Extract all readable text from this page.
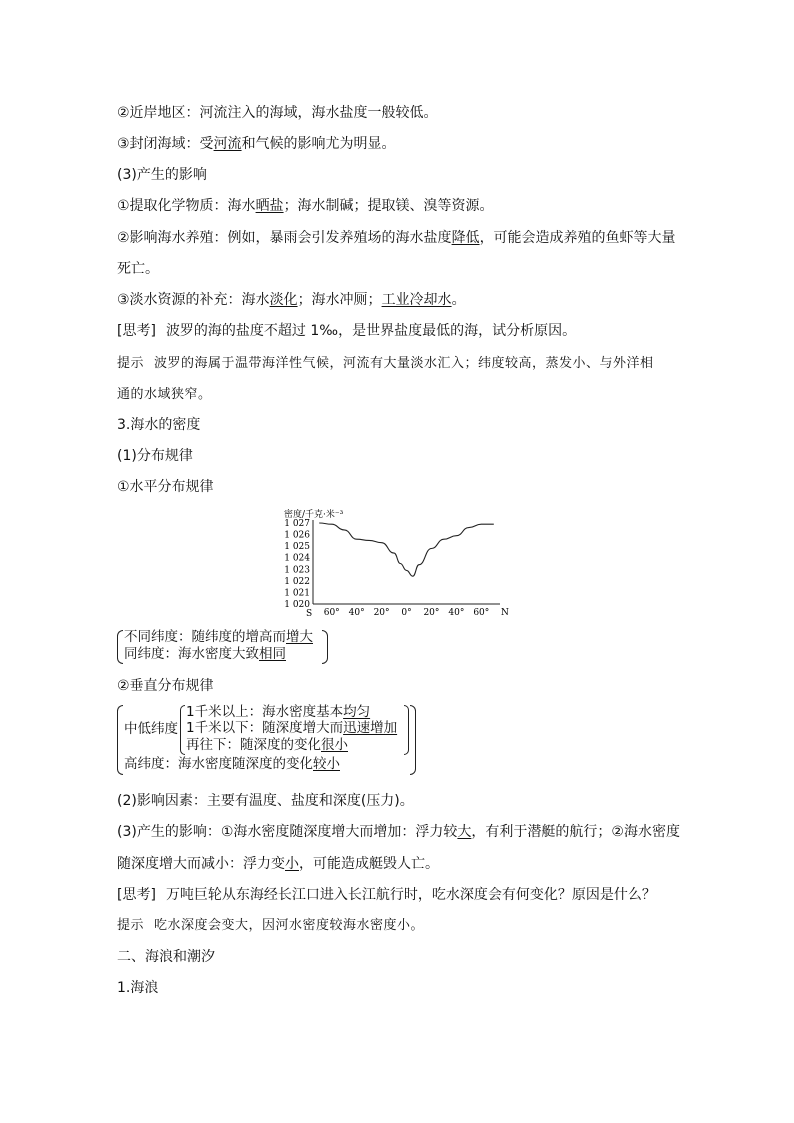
②近岸地区：河流注入的海域，海水盐度一般较低。
③封闭海域：受河流和气候的影响尤为明显。
(3)产生的影响
①提取化学物质：海水晒盐；海水制碱；提取镁、溴等资源。
②影响海水养殖：例如，暴雨会引发养殖场的海水盐度降低，可能会造成养殖的鱼虾等大量
死亡。
③淡水资源的补充：海水淡化；海水冲厕；工业冷却水。
[思考] 波罗的海的盐度不超过 1‰，是世界盐度最低的海，试分析原因。
提示 波罗的海属于温带海洋性气候，河流有大量淡水汇入；纬度较高，蒸发小、与外洋相
通的水域狭窄。
3.海水的密度
(1)分布规律
①水平分布规律
密度/千克·米⁻³
1 020
1 021
1 022
1 023
1 024
1 025
1 026
1 027
60° 40° 20° 0° 20° 40° 60°
S	N
不同纬度：随纬度的增高而增大
同纬度：海水密度大致相同
②垂直分布规律
中低纬度
1千米以上：海水密度基本均匀
1千米以下：随深度增大而迅速增加
再往下：随深度的变化很小
高纬度：海水密度随深度的变化较小
(2)影响因素：主要有温度、盐度和深度(压力)。
(3)产生的影响：①海水密度随深度增大而增加：浮力较大，有利于潜艇的航行；②海水密度
随深度增大而减小：浮力变小，可能造成艇毁人亡。
[思考] 万吨巨轮从东海经长江口进入长江航行时，吃水深度会有何变化？原因是什么？
提示 吃水深度会变大，因河水密度较海水密度小。
二、海浪和潮汐
1.海浪
